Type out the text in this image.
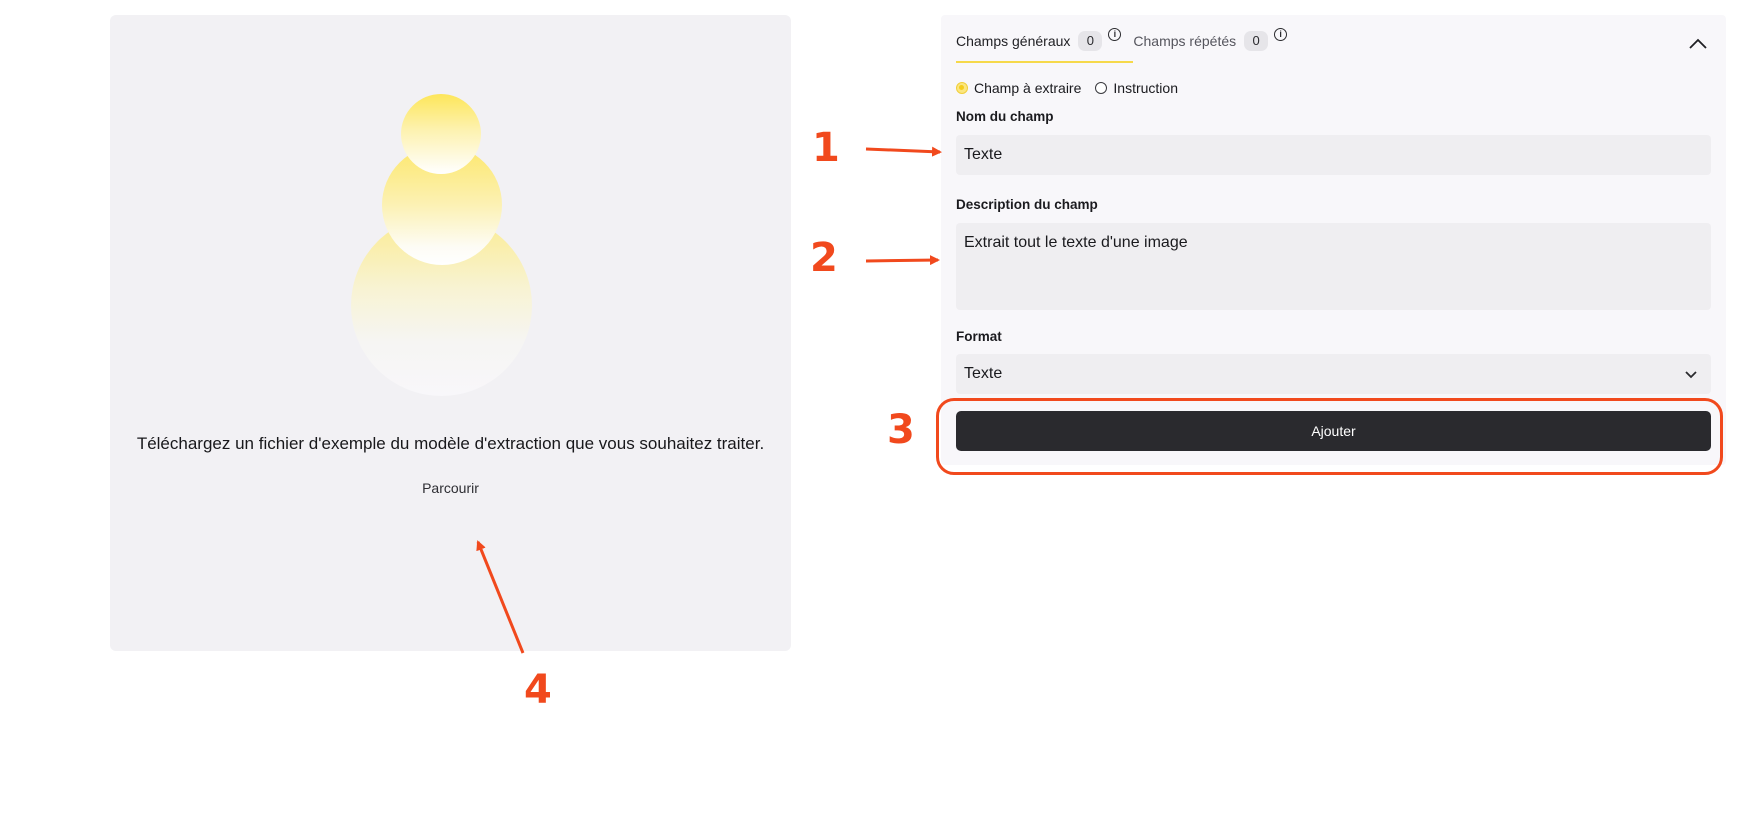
Téléchargez un fichier d'exemple du modèle d'extraction que vous souhaitez traiter.
Parcourir
Champs généraux	0	i	Champs répétés	0	i
Champ à extraire Instruction
Nom du champ
Texte
Description du champ
Extrait tout le texte d'une image
Format
Texte
Ajouter
1
2
3
4
